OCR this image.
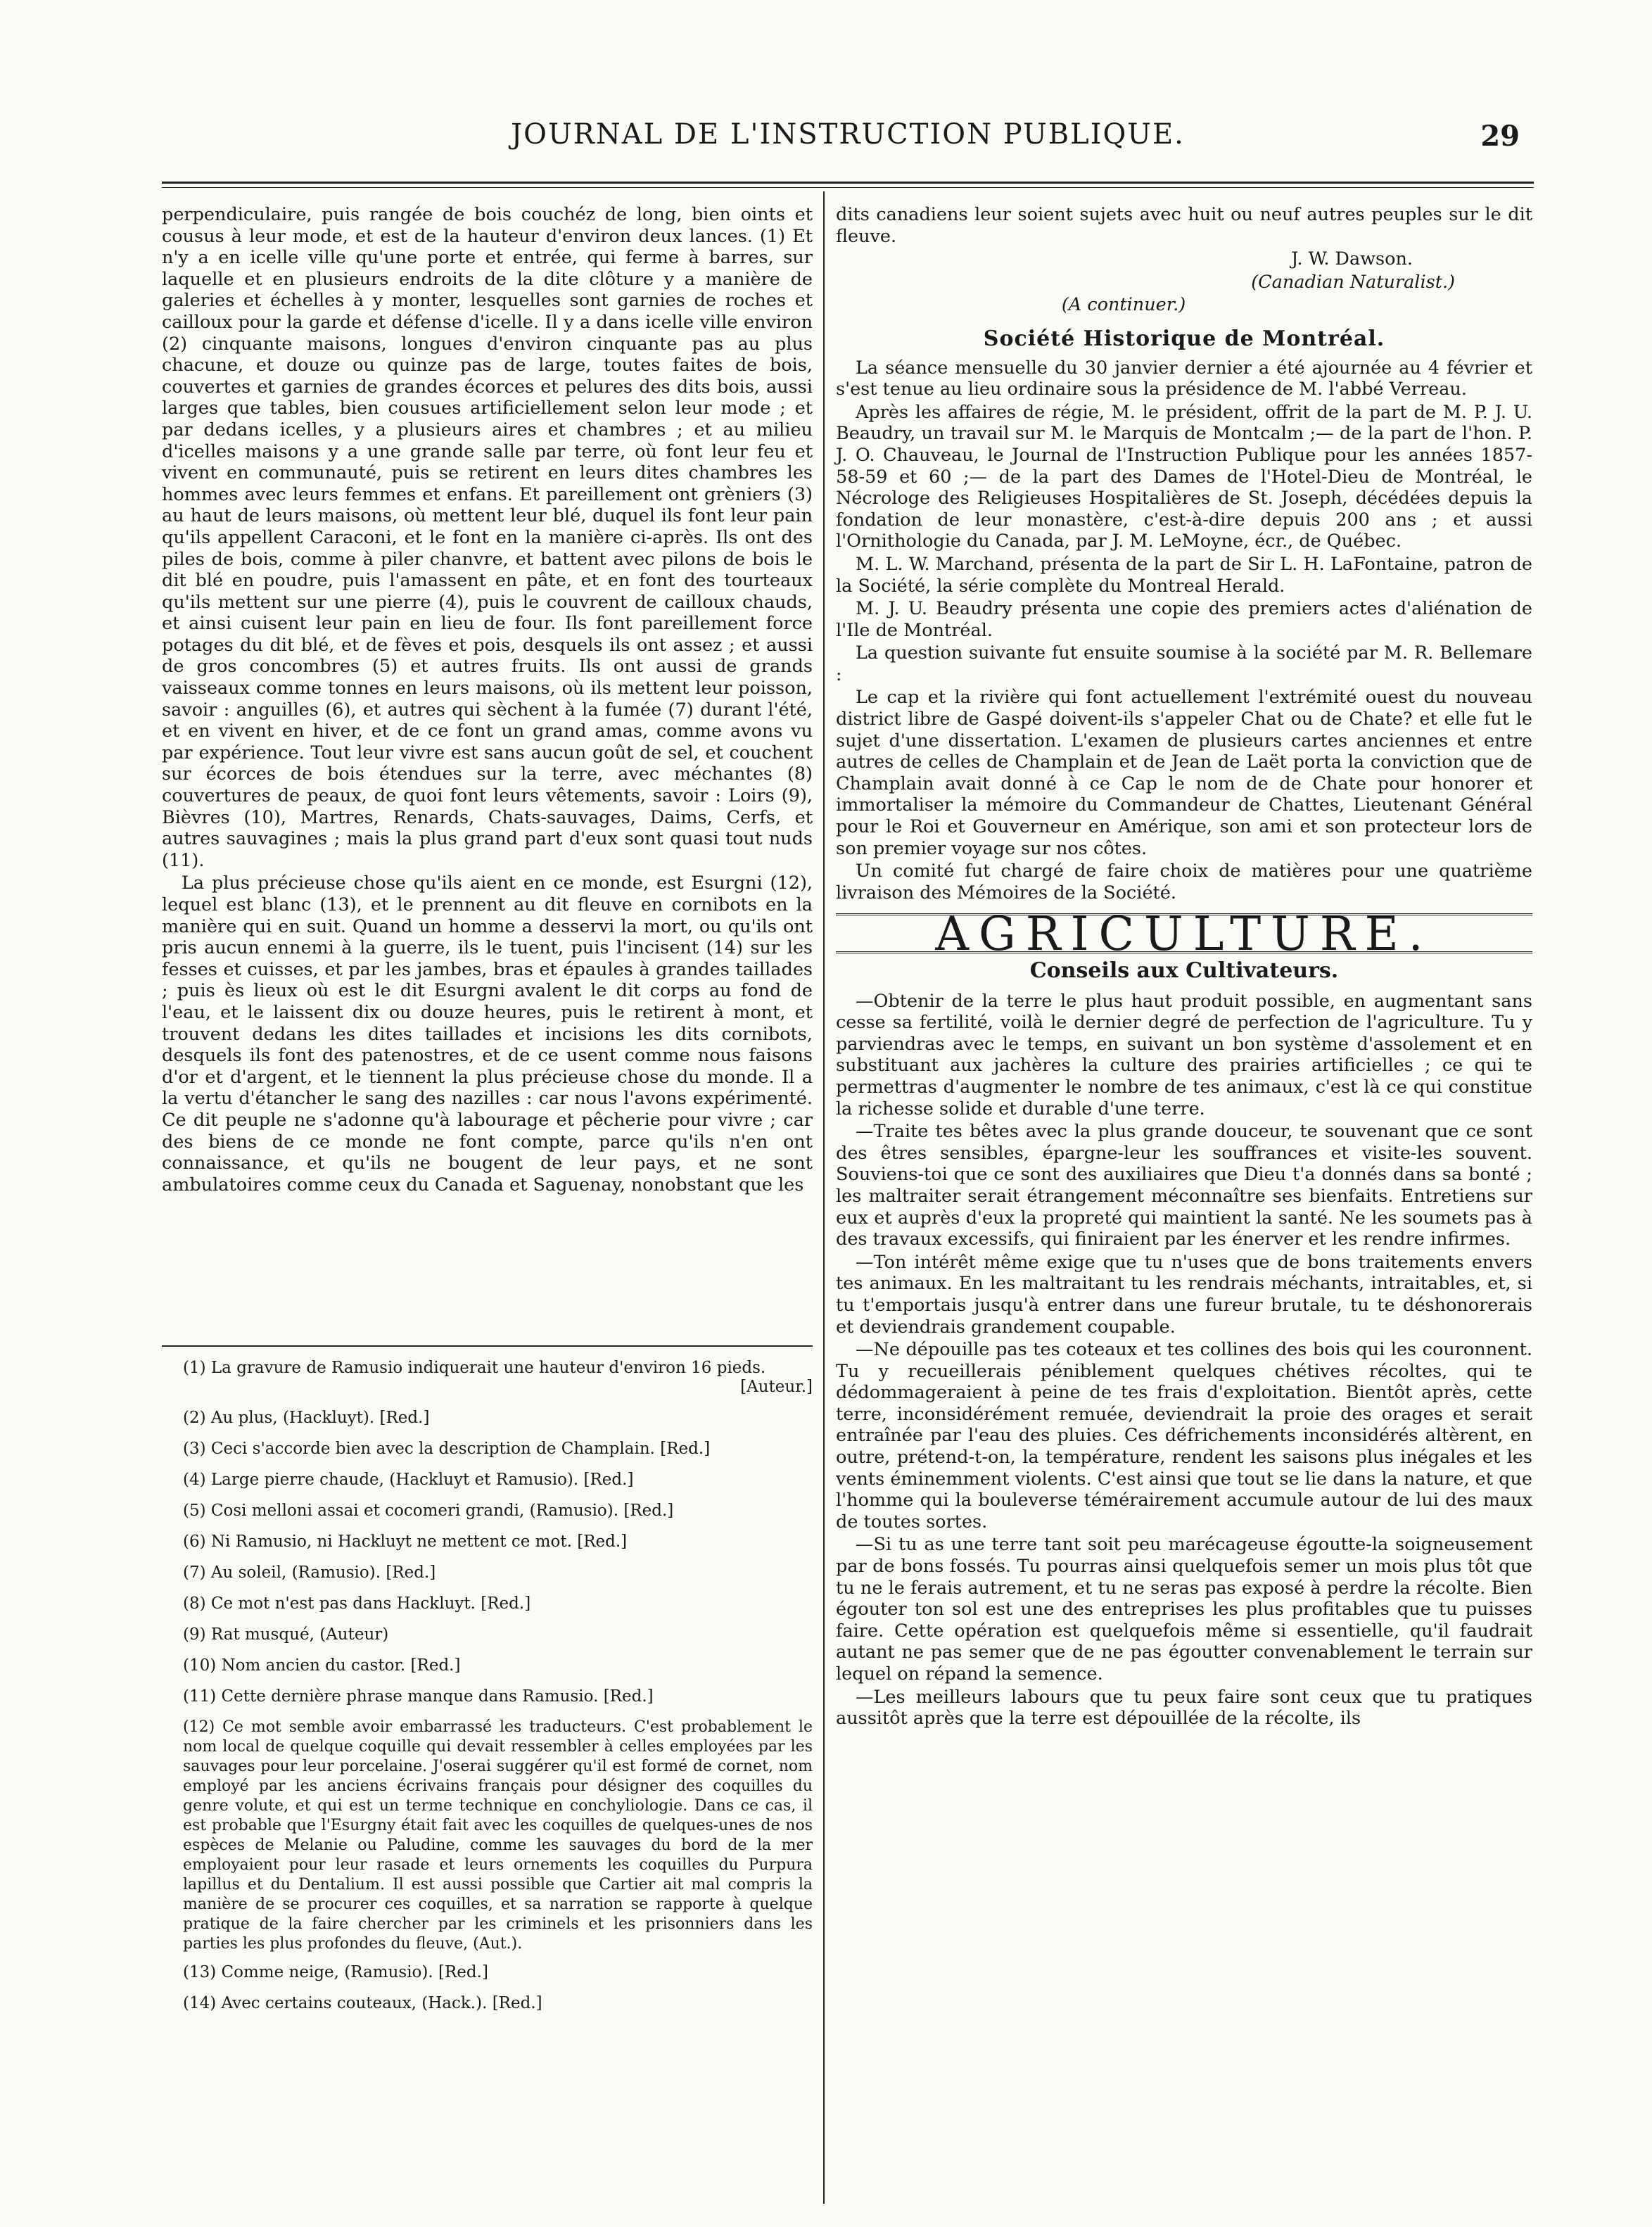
JOURNAL DE L'INSTRUCTION PUBLIQUE.	29

perpendiculaire, puis rangée de bois couchéz de long, bien oints et cousus à leur mode, et est de la hauteur d'environ deux lances. (1) Et n'y a en icelle ville qu'une porte et entrée, qui ferme à barres, sur laquelle et en plusieurs endroits de la dite clôture y a manière de galeries et échelles à y monter, lesquelles sont garnies de roches et cailloux pour la garde et défense d'icelle. Il y a dans icelle ville environ (2) cinquante maisons, longues d'environ cinquante pas au plus chacune, et douze ou quinze pas de large, toutes faites de bois, couvertes et garnies de grandes écorces et pelures des dits bois, aussi larges que tables, bien cousues artificiellement selon leur mode ; et par dedans icelles, y a plusieurs aires et chambres ; et au milieu d'icelles maisons y a une grande salle par terre, où font leur feu et vivent en communauté, puis se retirent en leurs dites chambres les hommes avec leurs femmes et enfans. Et pareillement ont grèniers (3) au haut de leurs maisons, où mettent leur blé, duquel ils font leur pain qu'ils appellent Caraconi, et le font en la manière ci-après. Ils ont des piles de bois, comme à piler chanvre, et battent avec pilons de bois le dit blé en poudre, puis l'amassent en pâte, et en font des tourteaux qu'ils mettent sur une pierre (4), puis le couvrent de cailloux chauds, et ainsi cuisent leur pain en lieu de four. Ils font pareillement force potages du dit blé, et de fèves et pois, desquels ils ont assez ; et aussi de gros concombres (5) et autres fruits. Ils ont aussi de grands vaisseaux comme tonnes en leurs maisons, où ils mettent leur poisson, savoir : anguilles (6), et autres qui sèchent à la fumée (7) durant l'été, et en vivent en hiver, et de ce font un grand amas, comme avons vu par expérience. Tout leur vivre est sans aucun goût de sel, et couchent sur écorces de bois étendues sur la terre, avec méchantes (8) couvertures de peaux, de quoi font leurs vêtements, savoir : Loirs (9), Bièvres (10), Martres, Renards, Chats-sauvages, Daims, Cerfs, et autres sauvagines ; mais la plus grand part d'eux sont quasi tout nuds (11).

La plus précieuse chose qu'ils aient en ce monde, est Esurgni (12), lequel est blanc (13), et le prennent au dit fleuve en cornibots en la manière qui en suit. Quand un homme a desservi la mort, ou qu'ils ont pris aucun ennemi à la guerre, ils le tuent, puis l'incisent (14) sur les fesses et cuisses, et par les jambes, bras et épaules à grandes taillades ; puis ès lieux où est le dit Esurgni avalent le dit corps au fond de l'eau, et le laissent dix ou douze heures, puis le retirent à mont, et trouvent dedans les dites taillades et incisions les dits cornibots, desquels ils font des patenostres, et de ce usent comme nous faisons d'or et d'argent, et le tiennent la plus précieuse chose du monde. Il a la vertu d'étancher le sang des nazilles : car nous l'avons expérimenté. Ce dit peuple ne s'adonne qu'à labourage et pêcherie pour vivre ; car des biens de ce monde ne font compte, parce qu'ils n'en ont connaissance, et qu'ils ne bougent de leur pays, et ne sont ambulatoires comme ceux du Canada et Saguenay, nonobstant que les

(1) La gravure de Ramusio indiquerait une hauteur d'environ 16 pieds.
[Auteur.]
(2) Au plus, (Hackluyt). [Red.]
(3) Ceci s'accorde bien avec la description de Champlain. [Red.]
(4) Large pierre chaude, (Hackluyt et Ramusio). [Red.]
(5) Cosi melloni assai et cocomeri grandi, (Ramusio). [Red.]
(6) Ni Ramusio, ni Hackluyt ne mettent ce mot. [Red.]
(7) Au soleil, (Ramusio). [Red.]
(8) Ce mot n'est pas dans Hackluyt. [Red.]
(9) Rat musqué, (Auteur)
(10) Nom ancien du castor. [Red.]
(11) Cette dernière phrase manque dans Ramusio. [Red.]
(12) Ce mot semble avoir embarrassé les traducteurs. C'est probablement le nom local de quelque coquille qui devait ressembler à celles employées par les sauvages pour leur porcelaine. J'oserai suggérer qu'il est formé de cornet, nom employé par les anciens écrivains français pour désigner des coquilles du genre volute, et qui est un terme technique en conchyliologie. Dans ce cas, il est probable que l'Esurgny était fait avec les coquilles de quelques-unes de nos espèces de Melanie ou Paludine, comme les sauvages du bord de la mer employaient pour leur rasade et leurs ornements les coquilles du Purpura lapillus et du Dentalium. Il est aussi possible que Cartier ait mal compris la manière de se procurer ces coquilles, et sa narration se rapporte à quelque pratique de la faire chercher par les criminels et les prisonniers dans les parties les plus profondes du fleuve, (Aut.).
(13) Comme neige, (Ramusio). [Red.]
(14) Avec certains couteaux, (Hack.). [Red.]

dits canadiens leur soient sujets avec huit ou neuf autres peuples sur le dit fleuve.

J. W. Dawson.

(Canadian Naturalist.)

(A continuer.)

Société Historique de Montréal.

La séance mensuelle du 30 janvier dernier a été ajournée au 4 février et s'est tenue au lieu ordinaire sous la présidence de M. l'abbé Verreau.

Après les affaires de régie, M. le président, offrit de la part de M. P. J. U. Beaudry, un travail sur M. le Marquis de Montcalm ;— de la part de l'hon. P. J. O. Chauveau, le Journal de l'Instruction Publique pour les années 1857-58-59 et 60 ;— de la part des Dames de l'Hotel-Dieu de Montréal, le Nécrologe des Religieuses Hospitalières de St. Joseph, décédées depuis la fondation de leur monastère, c'est-à-dire depuis 200 ans ; et aussi l'Ornithologie du Canada, par J. M. LeMoyne, écr., de Québec.

M. L. W. Marchand, présenta de la part de Sir L. H. LaFontaine, patron de la Société, la série complète du Montreal Herald.

M. J. U. Beaudry présenta une copie des premiers actes d'aliénation de l'Ile de Montréal.

La question suivante fut ensuite soumise à la société par M. R. Bellemare :

Le cap et la rivière qui font actuellement l'extrémité ouest du nouveau district libre de Gaspé doivent-ils s'appeler Chat ou de Chate? et elle fut le sujet d'une dissertation. L'examen de plusieurs cartes anciennes et entre autres de celles de Champlain et de Jean de Laët porta la conviction que de Champlain avait donné à ce Cap le nom de de Chate pour honorer et immortaliser la mémoire du Commandeur de Chattes, Lieutenant Général pour le Roi et Gouverneur en Amérique, son ami et son protecteur lors de son premier voyage sur nos côtes.

Un comité fut chargé de faire choix de matières pour une quatrième livraison des Mémoires de la Société.

AGRICULTURE.
Conseils aux Cultivateurs.

—Obtenir de la terre le plus haut produit possible, en augmentant sans cesse sa fertilité, voilà le dernier degré de perfection de l'agriculture. Tu y parviendras avec le temps, en suivant un bon système d'assolement et en substituant aux jachères la culture des prairies artificielles ; ce qui te permettras d'augmenter le nombre de tes animaux, c'est là ce qui constitue la richesse solide et durable d'une terre.

—Traite tes bêtes avec la plus grande douceur, te souvenant que ce sont des êtres sensibles, épargne-leur les souffrances et visite-les souvent. Souviens-toi que ce sont des auxiliaires que Dieu t'a donnés dans sa bonté ; les maltraiter serait étrangement méconnaître ses bienfaits. Entretiens sur eux et auprès d'eux la propreté qui maintient la santé. Ne les soumets pas à des travaux excessifs, qui finiraient par les énerver et les rendre infirmes.

—Ton intérêt même exige que tu n'uses que de bons traitements envers tes animaux. En les maltraitant tu les rendrais méchants, intraitables, et, si tu t'emportais jusqu'à entrer dans une fureur brutale, tu te déshonorerais et deviendrais grandement coupable.

—Ne dépouille pas tes coteaux et tes collines des bois qui les couronnent. Tu y recueillerais péniblement quelques chétives récoltes, qui te dédommageraient à peine de tes frais d'exploitation. Bientôt après, cette terre, inconsidérément remuée, deviendrait la proie des orages et serait entraînée par l'eau des pluies. Ces défrichements inconsidérés altèrent, en outre, prétend-t-on, la température, rendent les saisons plus inégales et les vents éminemment violents. C'est ainsi que tout se lie dans la nature, et que l'homme qui la bouleverse témérairement accumule autour de lui des maux de toutes sortes.

—Si tu as une terre tant soit peu marécageuse égoutte-la soigneusement par de bons fossés. Tu pourras ainsi quelquefois semer un mois plus tôt que tu ne le ferais autrement, et tu ne seras pas exposé à perdre la récolte. Bien égouter ton sol est une des entreprises les plus profitables que tu puisses faire. Cette opération est quelquefois même si essentielle, qu'il faudrait autant ne pas semer que de ne pas égoutter convenablement le terrain sur lequel on répand la semence.

—Les meilleurs labours que tu peux faire sont ceux que tu pratiques aussitôt après que la terre est dépouillée de la récolte, ils
